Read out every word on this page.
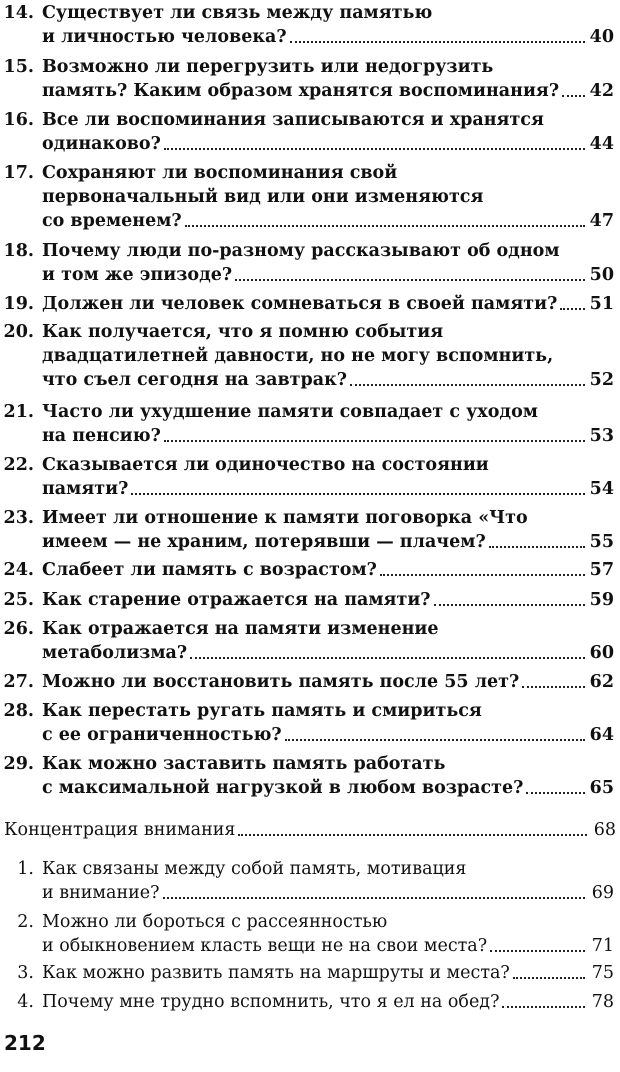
14. Существует ли связь между памятью
и личностью человека?	40
15. Возможно ли перегрузить или недогрузить
память? Каким образом хранятся воспоминания? 42
16. Все ли воспоминания записываются и хранятся
одинаково?	44
17. Сохраняют ли воспоминания свой
первоначальный вид или они изменяются
со временем?	47
18. Почему люди по-разному рассказывают об одном
и том же эпизоде?	50
19. Должен ли человек сомневаться в своей памяти? 51
20. Как получается, что я помню события
двадцатилетней давности, но не могу вспомнить,
что съел сегодня на завтрак?	52
21. Часто ли ухудшение памяти совпадает с уходом
на пенсию?	53
22. Сказывается ли одиночество на состоянии
памяти?	54
23. Имеет ли отношение к памяти поговорка «Что
имеем — не храним, потерявши — плачем?	55
24. Слабеет ли память с возрастом?	57
25. Как старение отражается на памяти?	59
26. Как отражается на памяти изменение
метаболизма?	60
27. Можно ли восстановить память после 55 лет?	62
28. Как перестать ругать память и смириться
с ее ограниченностью?	64
29. Как можно заставить память работать
с максимальной нагрузкой в любом возрасте?	65
Концентрация внимания	68
1. Как связаны между собой память, мотивация
и внимание?	69
2. Можно ли бороться с рассеянностью
и обыкновением класть вещи не на свои места?	71
3. Как можно развить память на маршруты и места?	75
4. Почему мне трудно вспомнить, что я ел на обед?	78
212
